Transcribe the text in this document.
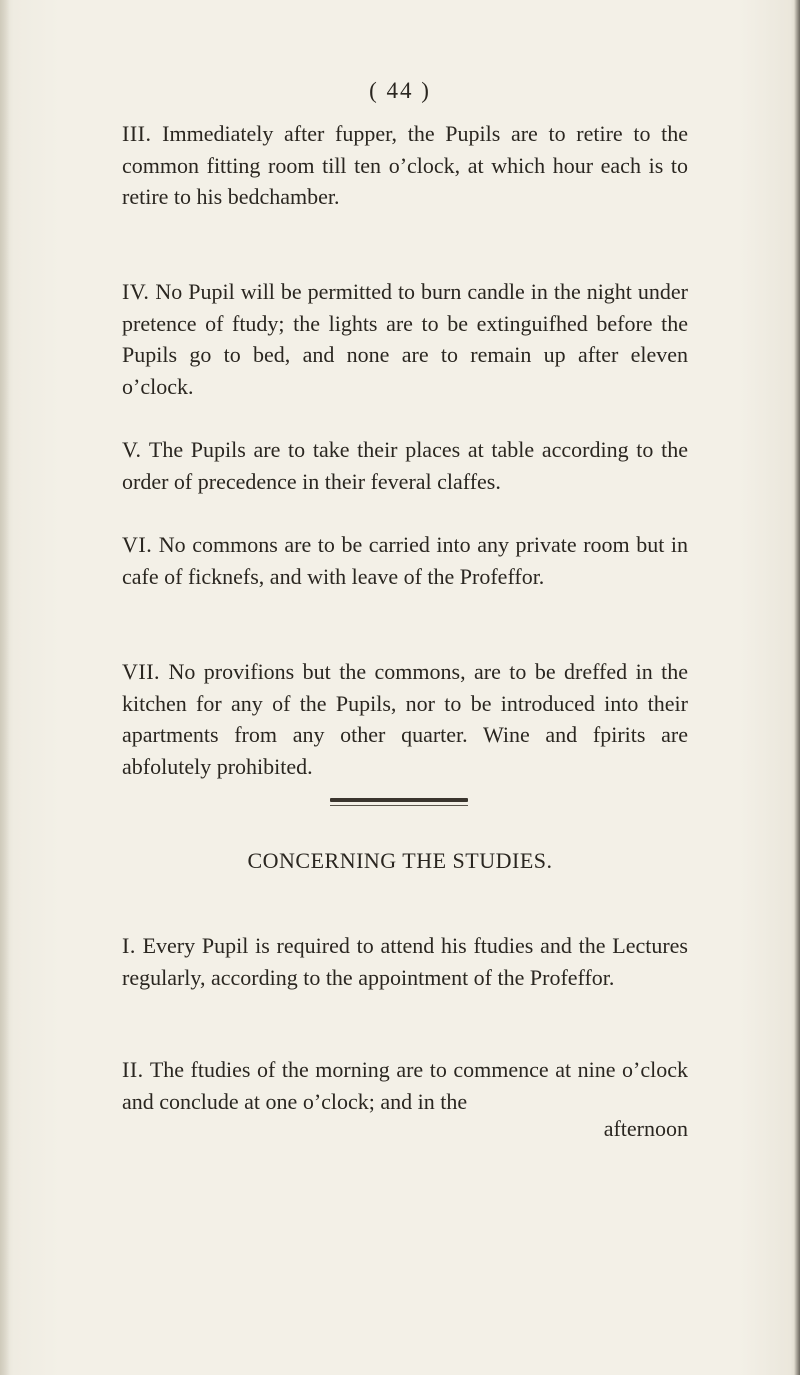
( 44 )

III. Immediately after fupper, the Pupils are to retire to the common fitting room till ten o’clock, at which hour each is to retire to his bedchamber.

IV. No Pupil will be permitted to burn candle in the night under pretence of ftudy; the lights are to be extinguifhed before the Pupils go to bed, and none are to remain up after eleven o’clock.

V. The Pupils are to take their places at table according to the order of precedence in their feveral claffes.

VI. No commons are to be carried into any private room but in cafe of ficknefs, and with leave of the Profeffor.

VII. No provifions but the commons, are to be dreffed in the kitchen for any of the Pupils, nor to be introduced into their apartments from any other quarter. Wine and fpirits are abfolutely prohibited.

CONCERNING THE STUDIES.

I. Every Pupil is required to attend his ftudies and the Lectures regularly, according to the appointment of the Profeffor.

II. The ftudies of the morning are to commence at nine o’clock and conclude at one o’clock; and in the

afternoon
